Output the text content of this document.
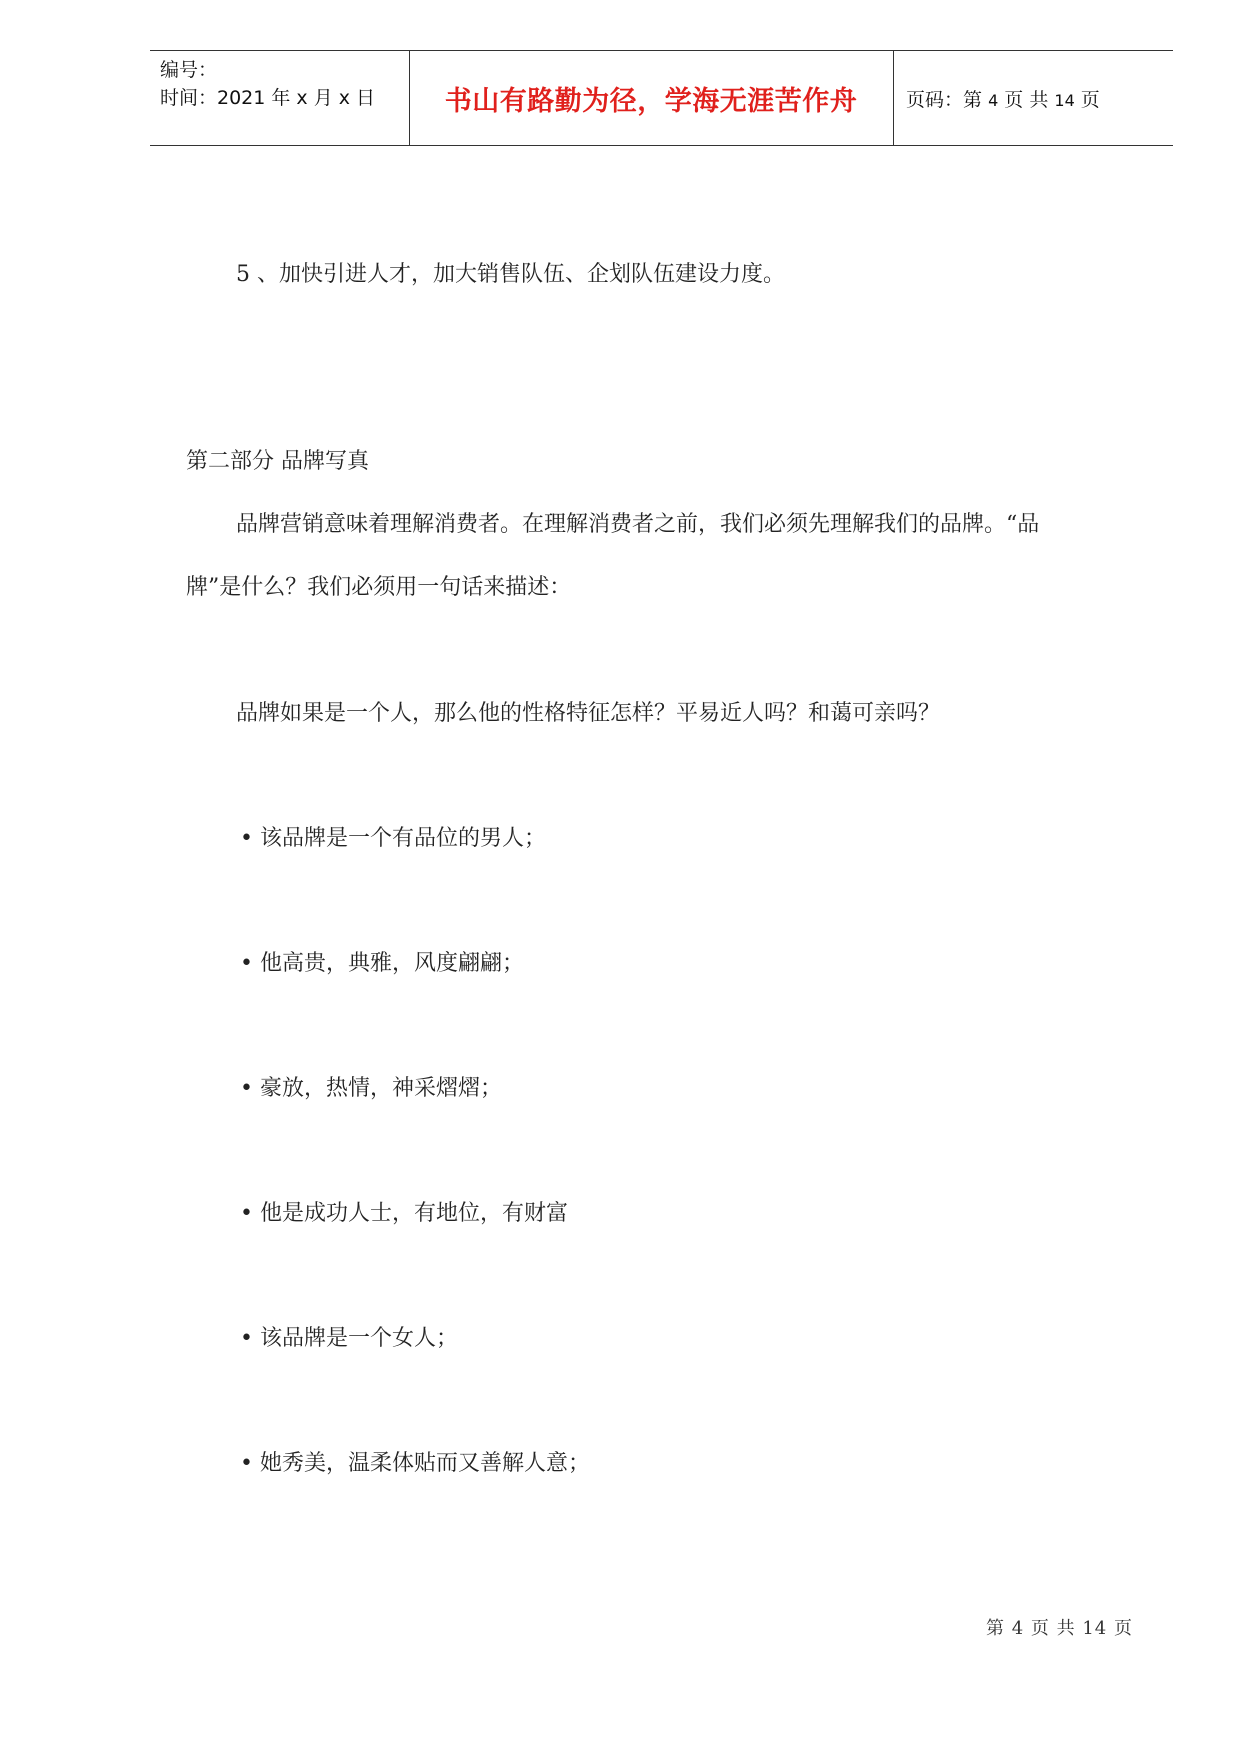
编号：
时间：2021 年 x 月 x 日	书山有路勤为径，学海无涯苦作舟	页码：第 4 页 共 14 页
5 、加快引进人才，加大销售队伍、企划队伍建设力度。
第二部分 品牌写真
品牌营销意味着理解消费者。在理解消费者之前，我们必须先理解我们的品牌。“品
牌”是什么？我们必须用一句话来描述：
品牌如果是一个人，那么他的性格特征怎样？平易近人吗？和蔼可亲吗？
• 该品牌是一个有品位的男人；
• 他高贵，典雅，风度翩翩；
• 豪放，热情，神采熠熠；
• 他是成功人士，有地位，有财富
• 该品牌是一个女人；
• 她秀美，温柔体贴而又善解人意；
第 4 页 共 14 页
